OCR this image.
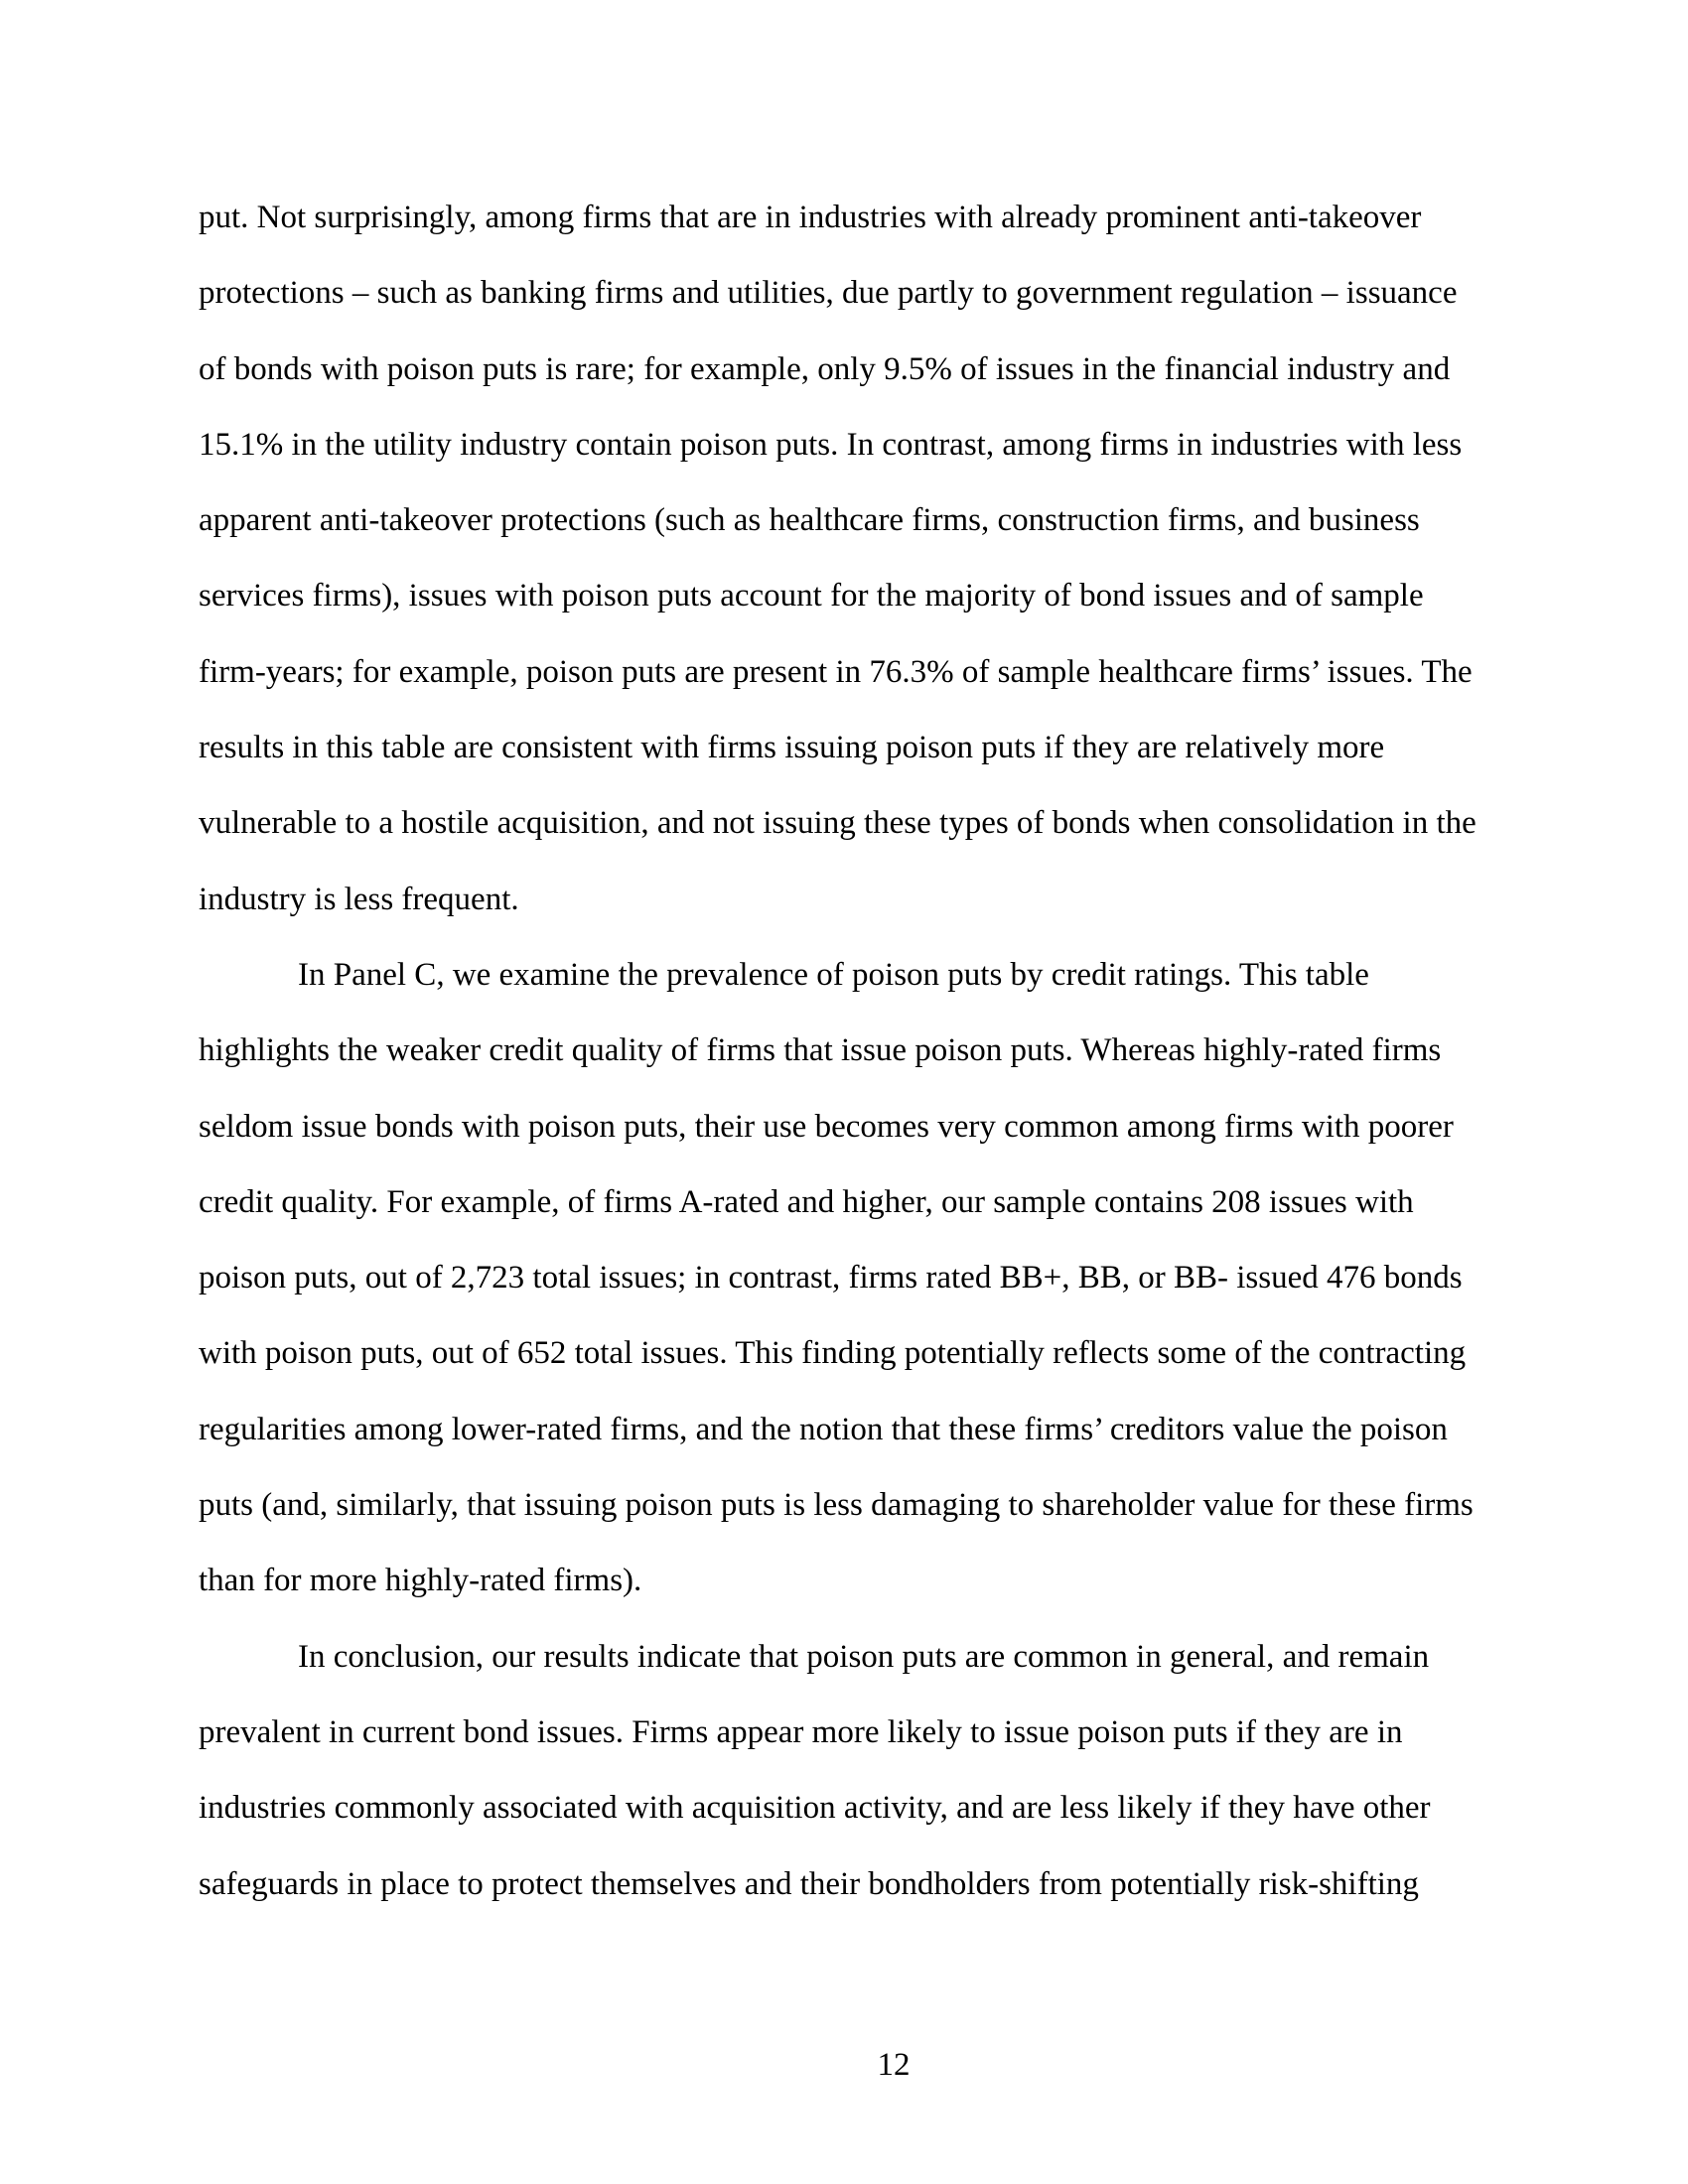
put. Not surprisingly, among firms that are in industries with already prominent anti-takeover
protections – such as banking firms and utilities, due partly to government regulation – issuance
of bonds with poison puts is rare; for example, only 9.5% of issues in the financial industry and
15.1% in the utility industry contain poison puts. In contrast, among firms in industries with less
apparent anti-takeover protections (such as healthcare firms, construction firms, and business
services firms), issues with poison puts account for the majority of bond issues and of sample
firm-years; for example, poison puts are present in 76.3% of sample healthcare firms’ issues. The
results in this table are consistent with firms issuing poison puts if they are relatively more
vulnerable to a hostile acquisition, and not issuing these types of bonds when consolidation in the
industry is less frequent.
In Panel C, we examine the prevalence of poison puts by credit ratings. This table
highlights the weaker credit quality of firms that issue poison puts. Whereas highly-rated firms
seldom issue bonds with poison puts, their use becomes very common among firms with poorer
credit quality. For example, of firms A-rated and higher, our sample contains 208 issues with
poison puts, out of 2,723 total issues; in contrast, firms rated BB+, BB, or BB- issued 476 bonds
with poison puts, out of 652 total issues. This finding potentially reflects some of the contracting
regularities among lower-rated firms, and the notion that these firms’ creditors value the poison
puts (and, similarly, that issuing poison puts is less damaging to shareholder value for these firms
than for more highly-rated firms).
In conclusion, our results indicate that poison puts are common in general, and remain
prevalent in current bond issues. Firms appear more likely to issue poison puts if they are in
industries commonly associated with acquisition activity, and are less likely if they have other
safeguards in place to protect themselves and their bondholders from potentially risk-shifting
12
